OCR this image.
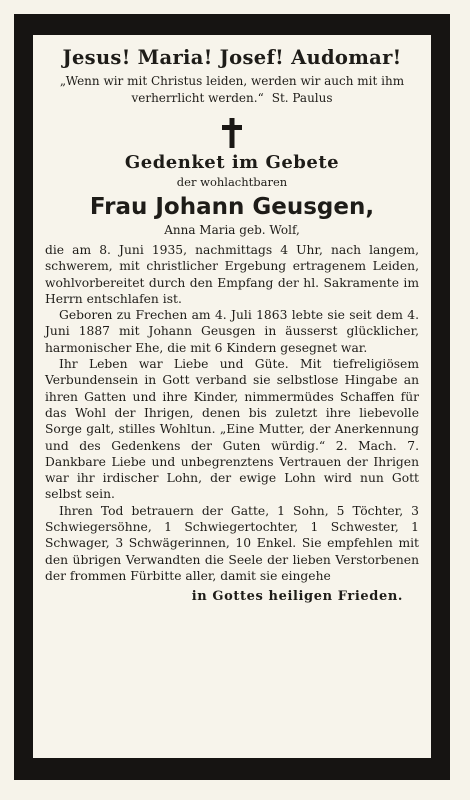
Jesus! Maria! Josef! Audomar!

„Wenn wir mit Christus leiden, werden wir auch mit ihm verherrlicht werden.“ St. Paulus

Gedenket im Gebete

der wohlachtbaren

Frau Johann Geusgen,

Anna Maria geb. Wolf,

die am 8. Juni 1935, nachmittags 4 Uhr, nach langem, schwerem, mit christlicher Ergebung ertragenem Leiden, wohlvorbereitet durch den Empfang der hl. Sakramente im Herrn entschlafen ist.

Geboren zu Frechen am 4. Juli 1863 lebte sie seit dem 4. Juni 1887 mit Johann Geusgen in äusserst glücklicher, harmonischer Ehe, die mit 6 Kindern gesegnet war.

Ihr Leben war Liebe und Güte. Mit tiefreligiösem Verbundensein in Gott verband sie selbstlose Hingabe an ihren Gatten und ihre Kinder, nimmermüdes Schaffen für das Wohl der Ihrigen, denen bis zuletzt ihre liebevolle Sorge galt, stilles Wohltun. „Eine Mutter, der Anerkennung und des Gedenkens der Guten würdig.“ 2. Mach. 7. Dankbare Liebe und unbegrenztens Vertrauen der Ihrigen war ihr irdischer Lohn, der ewige Lohn wird nun Gott selbst sein.

Ihren Tod betrauern der Gatte, 1 Sohn, 5 Töchter, 3 Schwiegersöhne, 1 Schwiegertochter, 1 Schwester, 1 Schwager, 3 Schwägerinnen, 10 Enkel. Sie empfehlen mit den übrigen Verwandten die Seele der lieben Verstorbenen der frommen Fürbitte aller, damit sie eingehe

in Gottes heiligen Frieden.
